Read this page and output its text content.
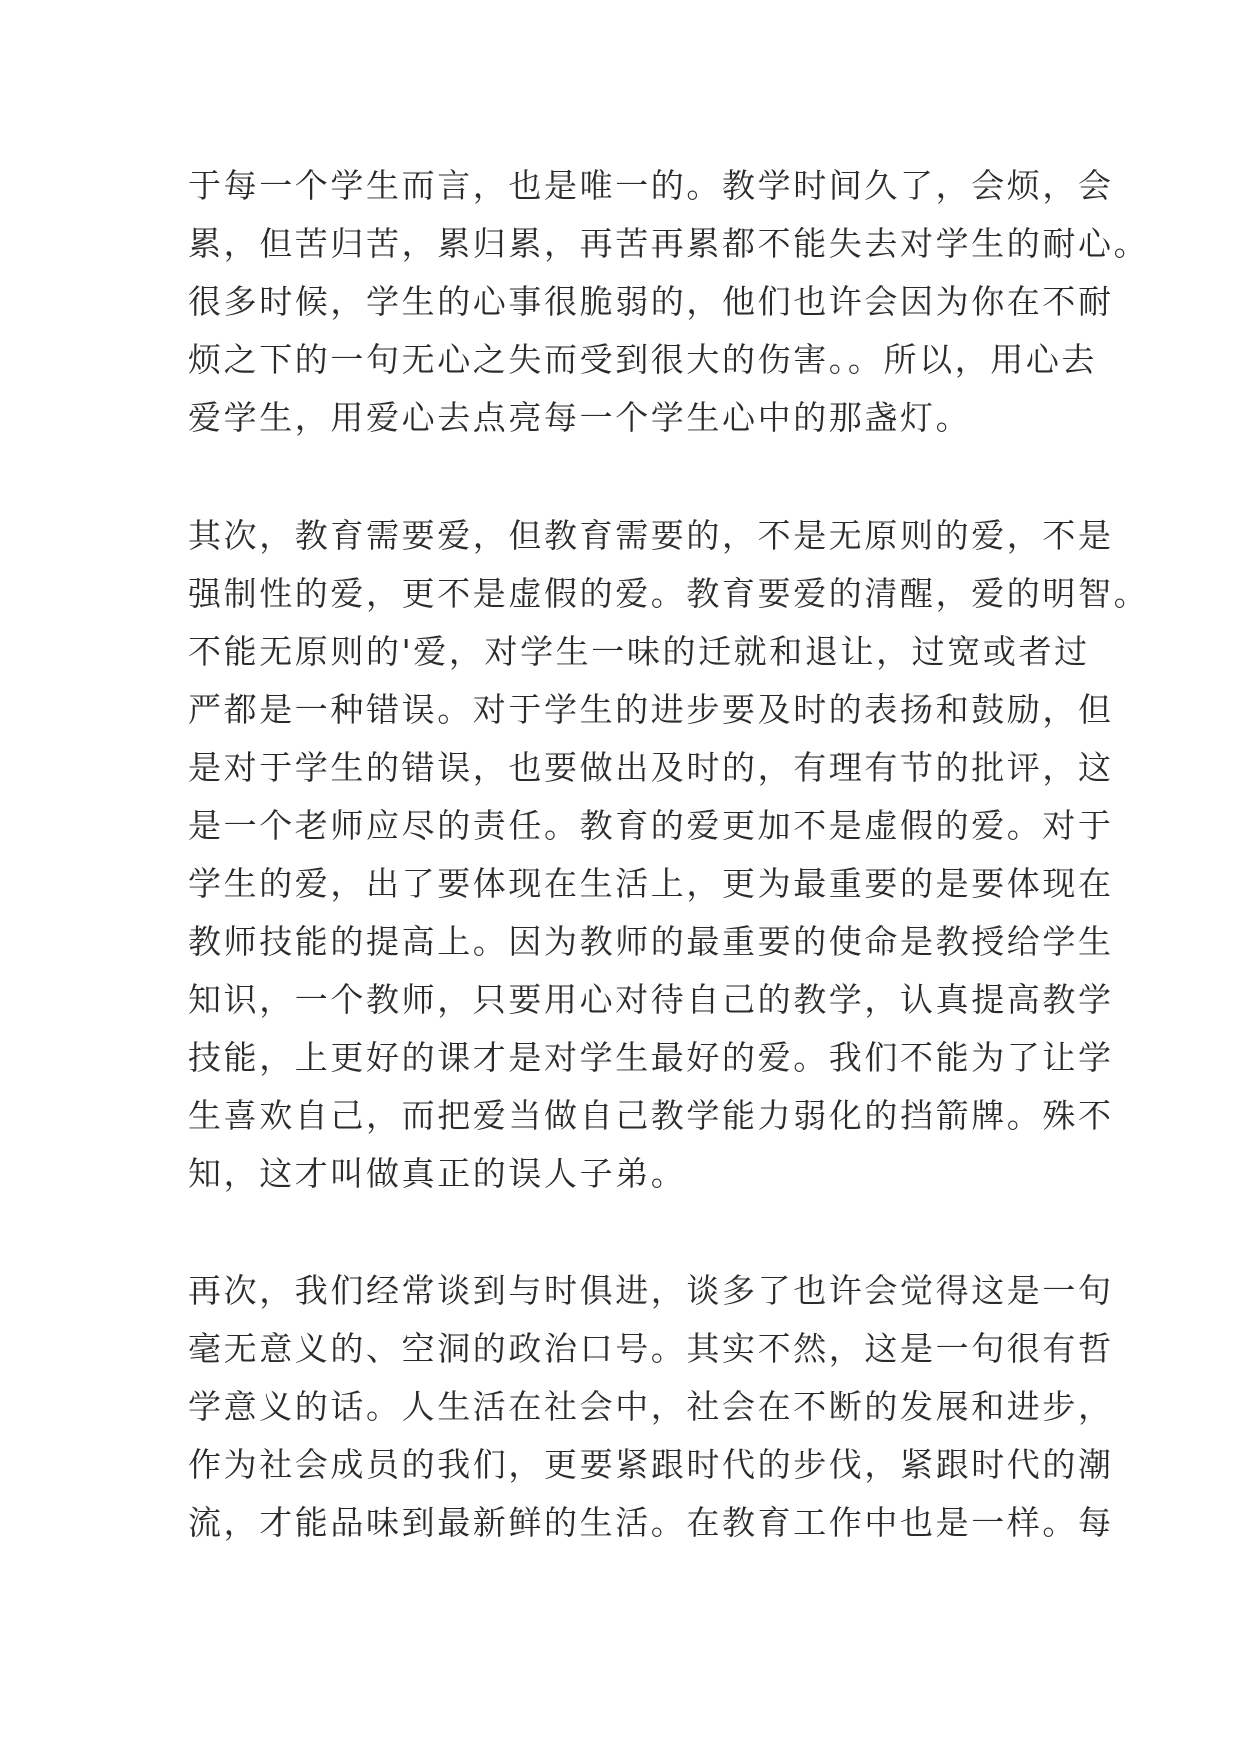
于每一个学生而言，也是唯一的。教学时间久了，会烦，会
累，但苦归苦，累归累，再苦再累都不能失去对学生的耐心。
很多时候，学生的心事很脆弱的，他们也许会因为你在不耐
烦之下的一句无心之失而受到很大的伤害。。所以，用心去
爱学生，用爱心去点亮每一个学生心中的那盏灯。
其次，教育需要爱，但教育需要的，不是无原则的爱，不是
强制性的爱，更不是虚假的爱。教育要爱的清醒，爱的明智。
不能无原则的'爱，对学生一味的迁就和退让，过宽或者过
严都是一种错误。对于学生的进步要及时的表扬和鼓励，但
是对于学生的错误，也要做出及时的，有理有节的批评，这
是一个老师应尽的责任。教育的爱更加不是虚假的爱。对于
学生的爱，出了要体现在生活上，更为最重要的是要体现在
教师技能的提高上。因为教师的最重要的使命是教授给学生
知识，一个教师，只要用心对待自己的教学，认真提高教学
技能，上更好的课才是对学生最好的爱。我们不能为了让学
生喜欢自己，而把爱当做自己教学能力弱化的挡箭牌。殊不
知，这才叫做真正的误人子弟。
再次，我们经常谈到与时俱进，谈多了也许会觉得这是一句
毫无意义的、空洞的政治口号。其实不然，这是一句很有哲
学意义的话。人生活在社会中，社会在不断的发展和进步，
作为社会成员的我们，更要紧跟时代的步伐，紧跟时代的潮
流，才能品味到最新鲜的生活。在教育工作中也是一样。每
